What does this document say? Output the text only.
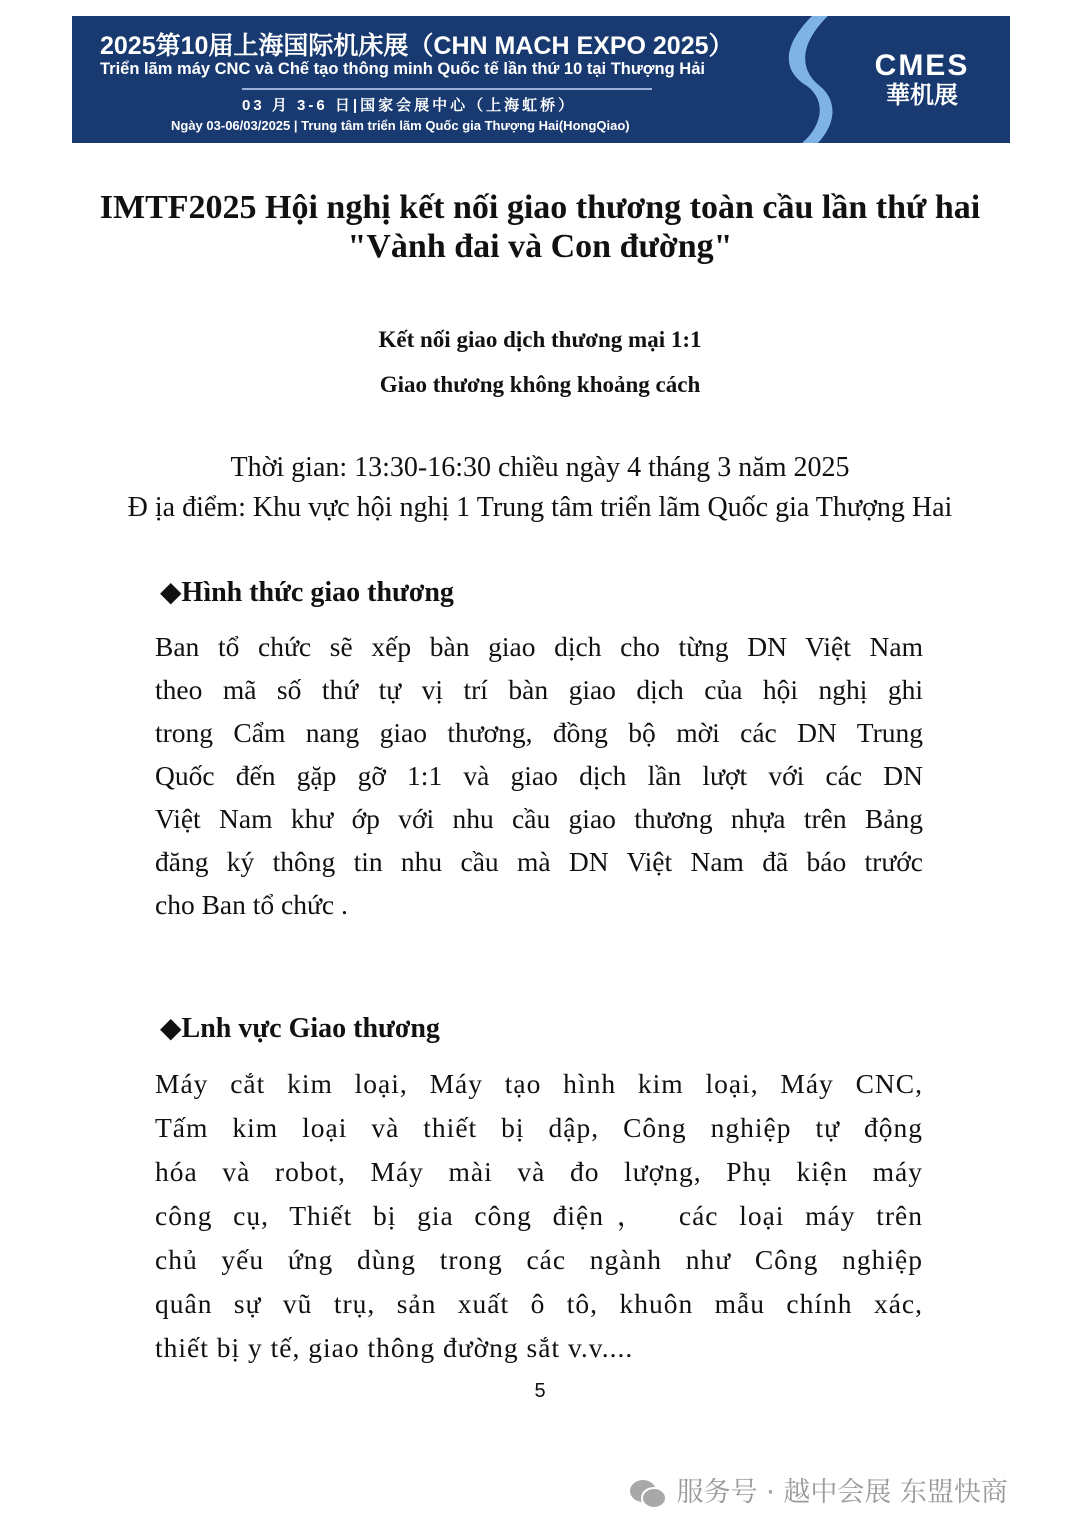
2025第10届上海国际机床展（CHN MACH EXPO 2025）
Triển lãm máy CNC và Chế tạo thông minh Quốc tế lần thứ 10 tại Thượng Hải
03 月 3-6 日|国家会展中心（上海虹桥）
Ngày 03-06/03/2025 | Trung tâm triển lãm Quốc gia Thượng Hai(HongQiao)
CMES
華机展
IMTF2025 Hội nghị kết nối giao thương toàn cầu lần thứ hai
"Vành đai và Con đường"
Kết nối giao dịch thương mại 1:1
Giao thương không khoảng cách
Thời gian: 13:30-16:30 chiều ngày 4 tháng 3 năm 2025
Đ ịa điểm: Khu vực hội nghị 1 Trung tâm triển lãm Quốc gia Thượng Hai
◆Hình thức giao thương
Ban tổ chức sẽ xếp bàn giao dịch cho từng DN Việt Nam
theo mã số thứ tự vị trí bàn giao dịch của hội nghị ghi
trong Cẩm nang giao thương, đồng bộ mời các DN Trung
Quốc đến gặp gỡ 1:1 và giao dịch lần lượt với các DN
Việt Nam khư ớp với nhu cầu giao thương nhựa trên Bảng
đăng ký thông tin nhu cầu mà DN Việt Nam đã báo trước
cho Ban tổ chức .
◆Lnh vực Giao thương
Máy cắt kim loại, Máy tạo hình kim loại, Máy CNC,
Tấm kim loại và thiết bị dập, Công nghiệp tự động
hóa và robot, Máy mài và đo lượng, Phụ kiện máy
công cụ, Thiết bị gia công điện， các loại máy trên
chủ yếu ứng dùng trong các ngành như Công nghiệp
quân sự vũ trụ, sản xuất ô tô, khuôn mẫu chính xác,
thiết bị y tế, giao thông đường sắt v.v....
5
服务号 · 越中会展 东盟快商
